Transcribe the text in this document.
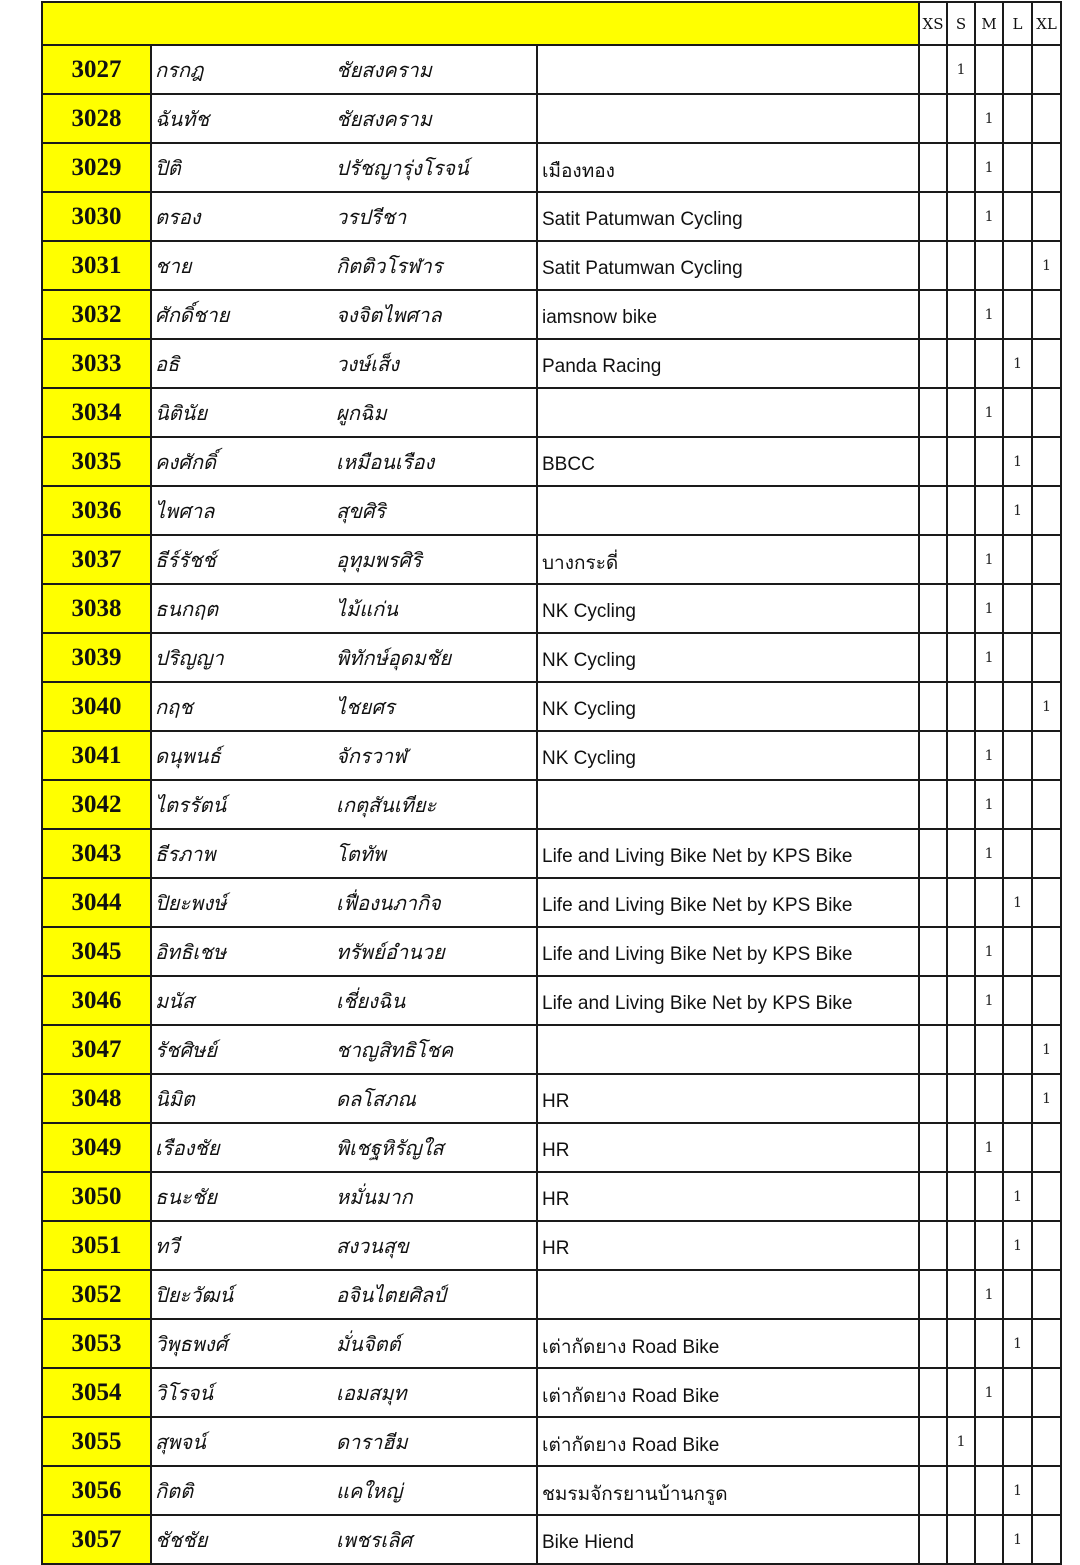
			XS	S	M	L	XL
3027	กรกฎ ชัยสงคราม			1			
3028	ฉันทัช ชัยสงคราม				1		
3029	ปิติ ปรัชญารุ่งโรจน์	เมืองทอง			1		
3030	ตรอง วรปรีชา	Satit Patumwan Cycling			1		
3031	ชาย กิตติวโรฬาร	Satit Patumwan Cycling					1
3032	ศักดิ์ชาย จงจิตไพศาล	iamsnow bike			1		
3033	อธิ วงษ์เส็ง	Panda Racing				1	
3034	นิตินัย ผูกฉิม				1		
3035	คงศักดิ์ เหมือนเรือง	BBCC				1	
3036	ไพศาล สุขศิริ					1	
3037	ธีร์รัชช์ อุทุมพรศิริ	บางกระดี่			1		
3038	ธนกฤต ไม้แก่น	NK Cycling			1		
3039	ปริญญา พิทักษ์อุดมชัย	NK Cycling			1		
3040	กฤช ไชยศร	NK Cycling					1
3041	ดนุพนธ์ จักรวาฬ	NK Cycling			1		
3042	ไตรรัตน์ เกตุสันเทียะ				1		
3043	ธีรภาพ โตทัพ	Life and Living Bike Net by KPS Bike			1		
3044	ปิยะพงษ์ เฟื่องนภากิจ	Life and Living Bike Net by KPS Bike				1	
3045	อิทธิเชษ ทรัพย์อำนวย	Life and Living Bike Net by KPS Bike			1		
3046	มนัส เชี่ยงฉิน	Life and Living Bike Net by KPS Bike			1		
3047	รัชศิษย์ ชาญสิทธิโชค						1
3048	นิมิต ดลโสภณ	HR					1
3049	เรืองชัย พิเชฐหิรัญใส	HR			1		
3050	ธนะชัย หมั่นมาก	HR				1	
3051	ทวี สงวนสุข	HR				1	
3052	ปิยะวัฒน์ อจินไตยศิลป์				1		
3053	วิพุธพงศ์ มั่นจิตต์	เต่ากัดยาง Road Bike				1	
3054	วิโรจน์ เอมสมุท	เต่ากัดยาง Road Bike			1		
3055	สุพจน์ ดาราฮีม	เต่ากัดยาง Road Bike		1			
3056	กิตติ แคใหญ่	ชมรมจักรยานบ้านกรูด				1	
3057	ชัชชัย เพชรเลิศ	Bike Hiend				1	
